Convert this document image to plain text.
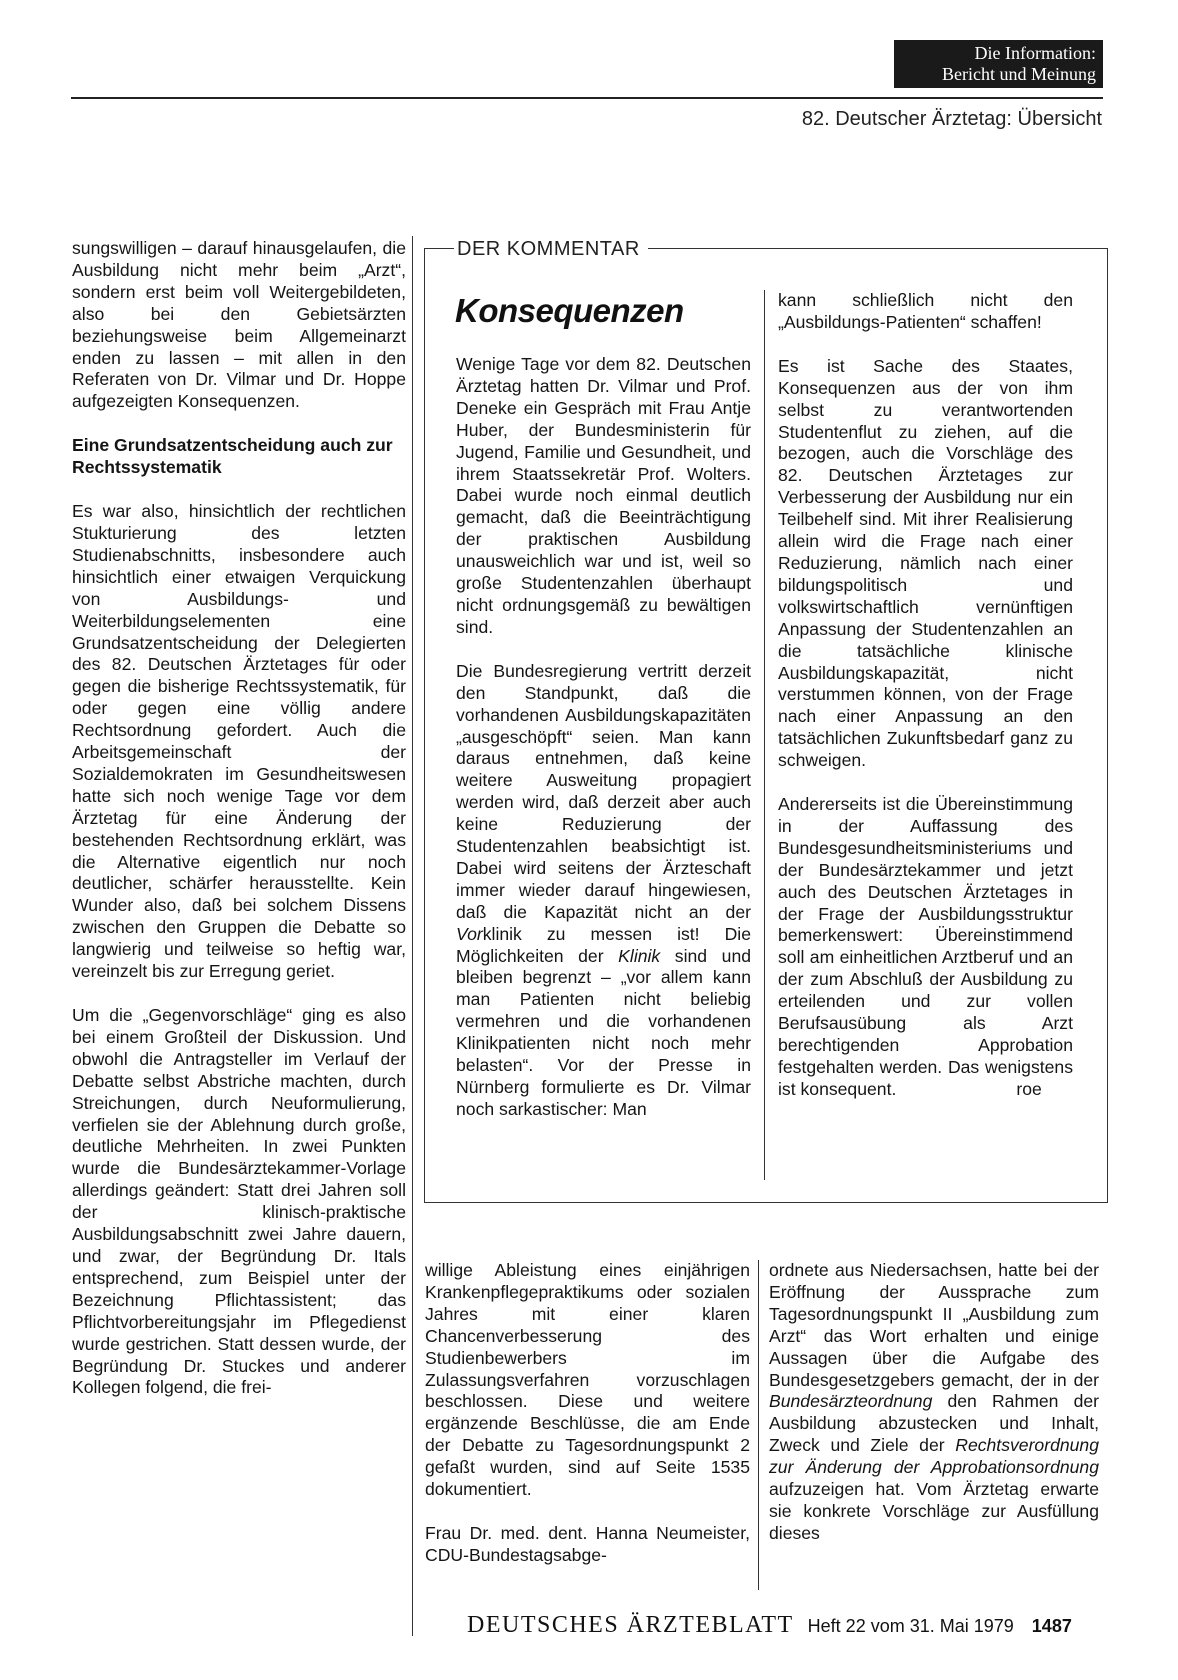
Die Information:
Bericht und Meinung
82. Deutscher Ärztetag: Übersicht

sungswilligen – darauf hinausgelaufen, die Ausbildung nicht mehr beim „Arzt“, sondern erst beim voll Weitergebildeten, also bei den Gebietsärzten beziehungsweise beim Allgemeinarzt enden zu lassen – mit allen in den Referaten von Dr. Vilmar und Dr. Hoppe aufgezeigten Konsequenzen.

Eine Grundsatzentscheidung auch zur Rechtssystematik

Es war also, hinsichtlich der rechtlichen Stukturierung des letzten Studienabschnitts, insbesondere auch hinsichtlich einer etwaigen Verquickung von Ausbildungs- und Weiterbildungselementen eine Grundsatzentscheidung der Delegierten des 82. Deutschen Ärztetages für oder gegen die bisherige Rechtssystematik, für oder gegen eine völlig andere Rechtsordnung gefordert. Auch die Arbeitsgemeinschaft der Sozialdemokraten im Gesundheitswesen hatte sich noch wenige Tage vor dem Ärztetag für eine Änderung der bestehenden Rechtsordnung erklärt, was die Alternative eigentlich nur noch deutlicher, schärfer herausstellte. Kein Wunder also, daß bei solchem Dissens zwischen den Gruppen die Debatte so langwierig und teilweise so heftig war, vereinzelt bis zur Erregung geriet.

Um die „Gegenvorschläge“ ging es also bei einem Großteil der Diskussion. Und obwohl die Antragsteller im Verlauf der Debatte selbst Abstriche machten, durch Streichungen, durch Neuformulierung, verfielen sie der Ablehnung durch große, deutliche Mehrheiten. In zwei Punkten wurde die Bundesärztekammer-Vorlage allerdings geändert: Statt drei Jahren soll der klinisch-praktische Ausbildungsabschnitt zwei Jahre dauern, und zwar, der Begründung Dr. Itals entsprechend, zum Beispiel unter der Bezeichnung Pflichtassistent; das Pflichtvorbereitungsjahr im Pflegedienst wurde gestrichen. Statt dessen wurde, der Begründung Dr. Stuckes und anderer Kollegen folgend, die frei-

DER KOMMENTAR
Konsequenzen

Wenige Tage vor dem 82. Deutschen Ärztetag hatten Dr. Vilmar und Prof. Deneke ein Gespräch mit Frau Antje Huber, der Bundesministerin für Jugend, Familie und Gesundheit, und ihrem Staatssekretär Prof. Wolters. Dabei wurde noch einmal deutlich gemacht, daß die Beeinträchtigung der praktischen Ausbildung unausweichlich war und ist, weil so große Studentenzahlen überhaupt nicht ordnungsgemäß zu bewältigen sind.

Die Bundesregierung vertritt derzeit den Standpunkt, daß die vorhandenen Ausbildungskapazitäten „ausgeschöpft“ seien. Man kann daraus entnehmen, daß keine weitere Ausweitung propagiert werden wird, daß derzeit aber auch keine Reduzierung der Studentenzahlen beabsichtigt ist. Dabei wird seitens der Ärzteschaft immer wieder darauf hingewiesen, daß die Kapazität nicht an der Vorklinik zu messen ist! Die Möglichkeiten der Klinik sind und bleiben begrenzt – „vor allem kann man Patienten nicht beliebig vermehren und die vorhandenen Klinikpatienten nicht noch mehr belasten“. Vor der Presse in Nürnberg formulierte es Dr. Vilmar noch sarkastischer: Man

kann schließlich nicht den „Ausbildungs-Patienten“ schaffen!

Es ist Sache des Staates, Konsequenzen aus der von ihm selbst zu verantwortenden Studentenflut zu ziehen, auf die bezogen, auch die Vorschläge des 82. Deutschen Ärztetages zur Verbesserung der Ausbildung nur ein Teilbehelf sind. Mit ihrer Realisierung allein wird die Frage nach einer Reduzierung, nämlich nach einer bildungspolitisch und volkswirtschaftlich vernünftigen Anpassung der Studentenzahlen an die tatsächliche klinische Ausbildungskapazität, nicht verstummen können, von der Frage nach einer Anpassung an den tatsächlichen Zukunftsbedarf ganz zu schweigen.

Andererseits ist die Übereinstimmung in der Auffassung des Bundesgesundheitsministeriums und der Bundesärztekammer und jetzt auch des Deutschen Ärztetages in der Frage der Ausbildungsstruktur bemerkenswert: Übereinstimmend soll am einheitlichen Arztberuf und an der zum Abschluß der Ausbildung zu erteilenden und zur vollen Berufsausübung als Arzt berechtigenden Approbation festgehalten werden. Das wenigstens ist konsequent.	roe

willige Ableistung eines einjährigen Krankenpflegepraktikums oder sozialen Jahres mit einer klaren Chancenverbesserung des Studienbewerbers im Zulassungsverfahren vorzuschlagen beschlossen. Diese und weitere ergänzende Beschlüsse, die am Ende der Debatte zu Tagesordnungspunkt 2 gefaßt wurden, sind auf Seite 1535 dokumentiert.

Frau Dr. med. dent. Hanna Neumeister, CDU-Bundestagsabge-

ordnete aus Niedersachsen, hatte bei der Eröffnung der Aussprache zum Tagesordnungspunkt II „Ausbildung zum Arzt“ das Wort erhalten und einige Aussagen über die Aufgabe des Bundesgesetzgebers gemacht, der in der Bundesärzteordnung den Rahmen der Ausbildung abzustecken und Inhalt, Zweck und Ziele der Rechtsverordnung zur Änderung der Approbationsordnung aufzuzeigen hat. Vom Ärztetag erwarte sie konkrete Vorschläge zur Ausfüllung dieses

DEUTSCHES ÄRZTEBLATT Heft 22 vom 31. Mai 1979 1487
